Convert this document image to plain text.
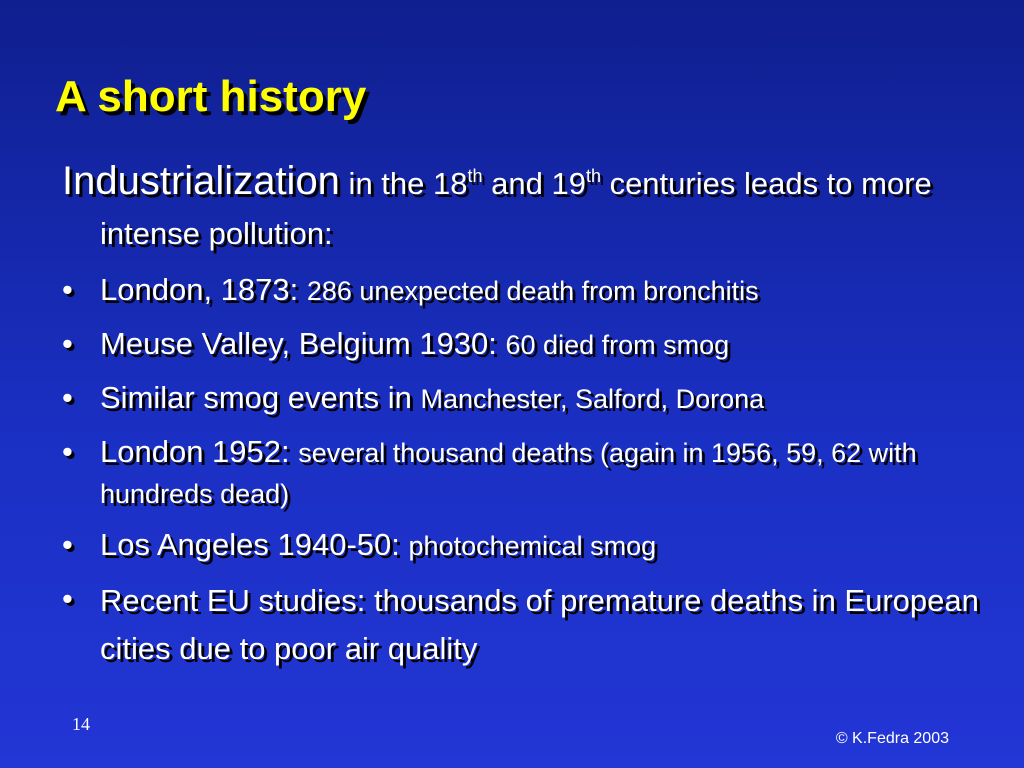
A short history

Industrialization in the 18th and 19th centuries leads to more intense pollution:

• London, 1873: 286 unexpected death from bronchitis
• Meuse Valley, Belgium 1930: 60 died from smog
• Similar smog events in Manchester, Salford, Dorona
• London 1952: several thousand deaths (again in 1956, 59, 62 with hundreds dead)
• Los Angeles 1940-50: photochemical smog
• Recent EU studies: thousands of premature deaths in European cities due to poor air quality
14
© K.Fedra 2003
